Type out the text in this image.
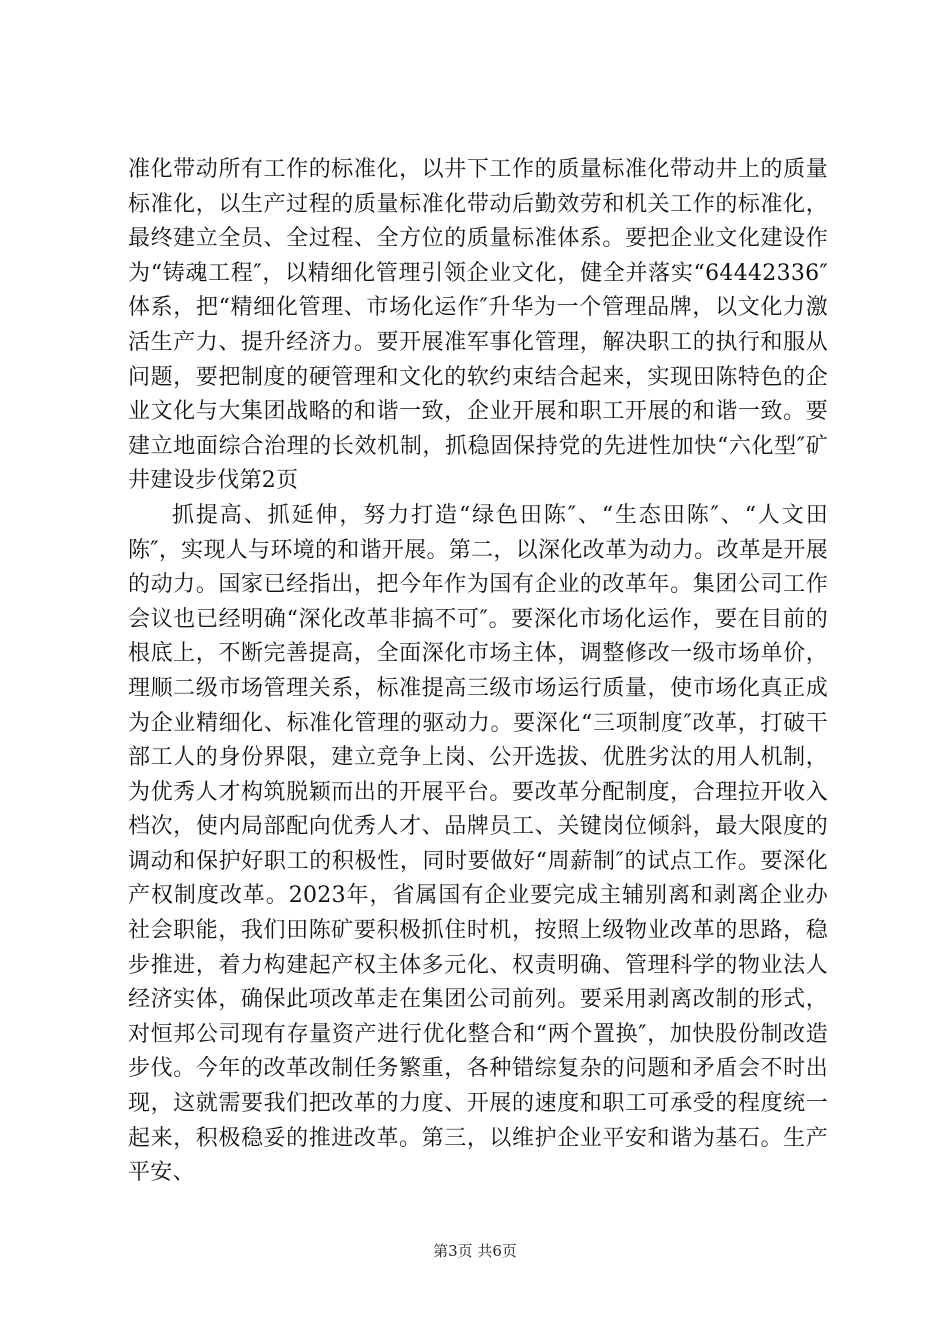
准化带动所有工作的标准化，以井下工作的质量标准化带动井上的质量标准化，以生产过程的质量标准化带动后勤效劳和机关工作的标准化，最终建立全员、全过程、全方位的质量标准体系。要把企业文化建设作为“铸魂工程″，以精细化管理引领企业文化，健全并落实“64442336″体系，把“精细化管理、市场化运作″升华为一个管理品牌，以文化力激活生产力、提升经济力。要开展准军事化管理，解决职工的执行和服从问题，要把制度的硬管理和文化的软约束结合起来，实现田陈特色的企业文化与大集团战略的和谐一致，企业开展和职工开展的和谐一致。要建立地面综合治理的长效机制，抓稳固保持党的先进性加快“六化型″矿井建设步伐第2页

抓提高、抓延伸，努力打造“绿色田陈″、“生态田陈″、“人文田陈″，实现人与环境的和谐开展。第二，以深化改革为动力。改革是开展的动力。国家已经指出，把今年作为国有企业的改革年。集团公司工作会议也已经明确“深化改革非搞不可″。要深化市场化运作，要在目前的根底上，不断完善提高，全面深化市场主体，调整修改一级市场单价，理顺二级市场管理关系，标准提高三级市场运行质量，使市场化真正成为企业精细化、标准化管理的驱动力。要深化“三项制度″改革，打破干部工人的身份界限，建立竞争上岗、公开选拔、优胜劣汰的用人机制，为优秀人才构筑脱颖而出的开展平台。要改革分配制度，合理拉开收入档次，使内局部配向优秀人才、品牌员工、关键岗位倾斜，最大限度的调动和保护好职工的积极性，同时要做好“周薪制″的试点工作。要深化产权制度改革。2023年，省属国有企业要完成主辅别离和剥离企业办社会职能，我们田陈矿要积极抓住时机，按照上级物业改革的思路，稳步推进，着力构建起产权主体多元化、权责明确、管理科学的物业法人经济实体，确保此项改革走在集团公司前列。要采用剥离改制的形式，对恒邦公司现有存量资产进行优化整合和“两个置换″，加快股份制改造步伐。今年的改革改制任务繁重，各种错综复杂的问题和矛盾会不时出现，这就需要我们把改革的力度、开展的速度和职工可承受的程度统一起来，积极稳妥的推进改革。第三，以维护企业平安和谐为基石。生产平安、

第3页 共6页
